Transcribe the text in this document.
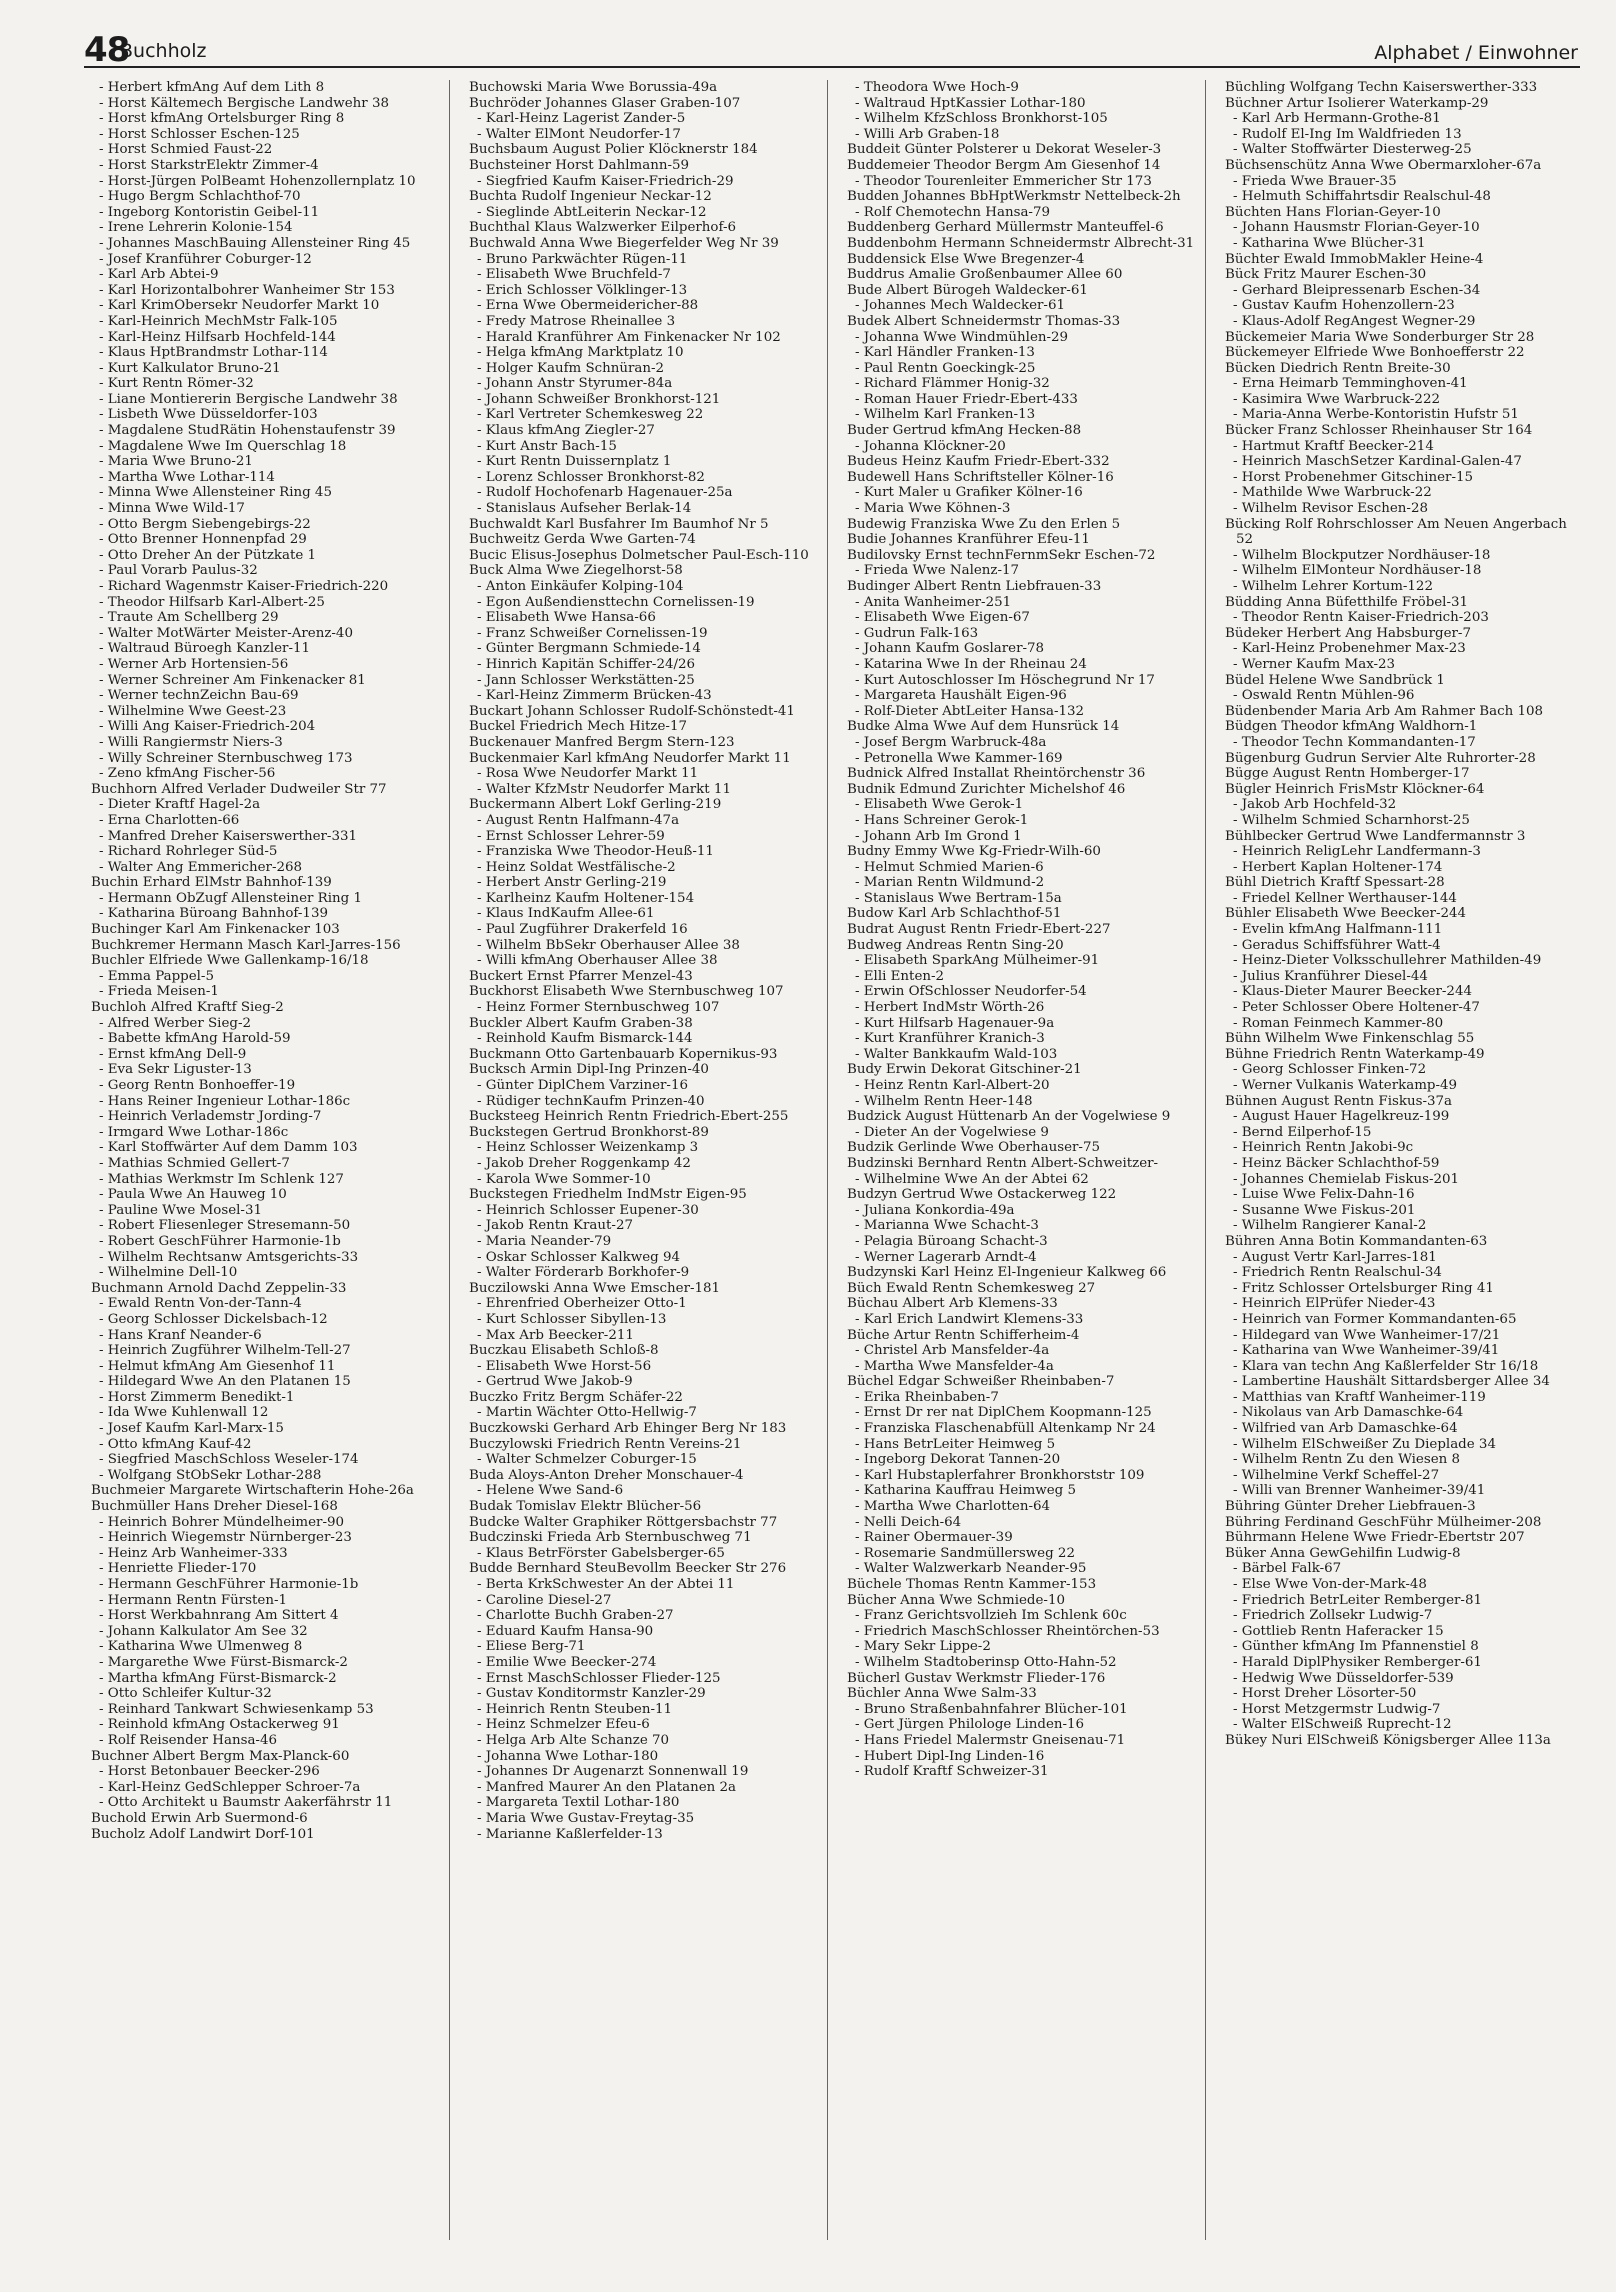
48
Buchholz	Alphabet / Einwohner

- Herbert kfmAng Auf dem Lith 8

- Horst Kältemech Bergische Landwehr 38

- Horst kfmAng Ortelsburger Ring 8

- Horst Schlosser Eschen-125

- Horst Schmied Faust-22

- Horst StarkstrElektr Zimmer-4

- Horst-Jürgen PolBeamt Hohenzollernplatz 10

- Hugo Bergm Schlachthof-70

- Ingeborg Kontoristin Geibel-11

- Irene Lehrerin Kolonie-154

- Johannes MaschBauing Allensteiner Ring 45

- Josef Kranführer Coburger-12

- Karl Arb Abtei-9

- Karl Horizontalbohrer Wanheimer Str 153

- Karl KrimObersekr Neudorfer Markt 10

- Karl-Heinrich MechMstr Falk-105

- Karl-Heinz Hilfsarb Hochfeld-144

- Klaus HptBrandmstr Lothar-114

- Kurt Kalkulator Bruno-21

- Kurt Rentn Römer-32

- Liane Montiererin Bergische Landwehr 38

- Lisbeth Wwe Düsseldorfer-103

- Magdalene StudRätin Hohenstaufenstr 39

- Magdalene Wwe Im Querschlag 18

- Maria Wwe Bruno-21

- Martha Wwe Lothar-114

- Minna Wwe Allensteiner Ring 45

- Minna Wwe Wild-17

- Otto Bergm Siebengebirgs-22

- Otto Brenner Honnenpfad 29

- Otto Dreher An der Pützkate 1

- Paul Vorarb Paulus-32

- Richard Wagenmstr Kaiser-Friedrich-220

- Theodor Hilfsarb Karl-Albert-25

- Traute Am Schellberg 29

- Walter MotWärter Meister-Arenz-40

- Waltraud Büroegh Kanzler-11

- Werner Arb Hortensien-56

- Werner Schreiner Am Finkenacker 81

- Werner technZeichn Bau-69

- Wilhelmine Wwe Geest-23

- Willi Ang Kaiser-Friedrich-204

- Willi Rangiermstr Niers-3

- Willy Schreiner Sternbuschweg 173

- Zeno kfmAng Fischer-56

Buchhorn Alfred Verlader Dudweiler Str 77

- Dieter Kraftf Hagel-2a

- Erna Charlotten-66

- Manfred Dreher Kaiserswerther-331

- Richard Rohrleger Süd-5

- Walter Ang Emmericher-268

Buchin Erhard ElMstr Bahnhof-139

- Hermann ObZugf Allensteiner Ring 1

- Katharina Büroang Bahnhof-139

Buchinger Karl Am Finkenacker 103

Buchkremer Hermann Masch Karl-Jarres-156

Buchler Elfriede Wwe Gallenkamp-16/18

- Emma Pappel-5

- Frieda Meisen-1

Buchloh Alfred Kraftf Sieg-2

- Alfred Werber Sieg-2

- Babette kfmAng Harold-59

- Ernst kfmAng Dell-9

- Eva Sekr Liguster-13

- Georg Rentn Bonhoeffer-19

- Hans Reiner Ingenieur Lothar-186c

- Heinrich Verlademstr Jording-7

- Irmgard Wwe Lothar-186c

- Karl Stoffwärter Auf dem Damm 103

- Mathias Schmied Gellert-7

- Mathias Werkmstr Im Schlenk 127

- Paula Wwe An Hauweg 10

- Pauline Wwe Mosel-31

- Robert Fliesenleger Stresemann-50

- Robert GeschFührer Harmonie-1b

- Wilhelm Rechtsanw Amtsgerichts-33

- Wilhelmine Dell-10

Buchmann Arnold Dachd Zeppelin-33

- Ewald Rentn Von-der-Tann-4

- Georg Schlosser Dickelsbach-12

- Hans Kranf Neander-6

- Heinrich Zugführer Wilhelm-Tell-27

- Helmut kfmAng Am Giesenhof 11

- Hildegard Wwe An den Platanen 15

- Horst Zimmerm Benedikt-1

- Ida Wwe Kuhlenwall 12

- Josef Kaufm Karl-Marx-15

- Otto kfmAng Kauf-42

- Siegfried MaschSchloss Weseler-174

- Wolfgang StObSekr Lothar-288

Buchmeier Margarete Wirtschafterin Hohe-26a

Buchmüller Hans Dreher Diesel-168

- Heinrich Bohrer Mündelheimer-90

- Heinrich Wiegemstr Nürnberger-23

- Heinz Arb Wanheimer-333

- Henriette Flieder-170

- Hermann GeschFührer Harmonie-1b

- Hermann Rentn Fürsten-1

- Horst Werkbahnrang Am Sittert 4

- Johann Kalkulator Am See 32

- Katharina Wwe Ulmenweg 8

- Margarethe Wwe Fürst-Bismarck-2

- Martha kfmAng Fürst-Bismarck-2

- Otto Schleifer Kultur-32

- Reinhard Tankwart Schwiesenkamp 53

- Reinhold kfmAng Ostackerweg 91

- Rolf Reisender Hansa-46

Buchner Albert Bergm Max-Planck-60

- Horst Betonbauer Beecker-296

- Karl-Heinz GedSchlepper Schroer-7a

- Otto Architekt u Baumstr Aakerfährstr 11

Buchold Erwin Arb Suermond-6

Bucholz Adolf Landwirt Dorf-101

Buchowski Maria Wwe Borussia-49a

Buchröder Johannes Glaser Graben-107

- Karl-Heinz Lagerist Zander-5

- Walter ElMont Neudorfer-17

Buchsbaum August Polier Klöcknerstr 184

Buchsteiner Horst Dahlmann-59

- Siegfried Kaufm Kaiser-Friedrich-29

Buchta Rudolf Ingenieur Neckar-12

- Sieglinde AbtLeiterin Neckar-12

Buchthal Klaus Walzwerker Eilperhof-6

Buchwald Anna Wwe Biegerfelder Weg Nr 39

- Bruno Parkwächter Rügen-11

- Elisabeth Wwe Bruchfeld-7

- Erich Schlosser Völklinger-13

- Erna Wwe Obermeidericher-88

- Fredy Matrose Rheinallee 3

- Harald Kranführer Am Finkenacker Nr 102

- Helga kfmAng Marktplatz 10

- Holger Kaufm Schnüran-2

- Johann Anstr Styrumer-84a

- Johann Schweißer Bronkhorst-121

- Karl Vertreter Schemkesweg 22

- Klaus kfmAng Ziegler-27

- Kurt Anstr Bach-15

- Kurt Rentn Duissernplatz 1

- Lorenz Schlosser Bronkhorst-82

- Rudolf Hochofenarb Hagenauer-25a

- Stanislaus Aufseher Berlak-14

Buchwaldt Karl Busfahrer Im Baumhof Nr 5

Buchweitz Gerda Wwe Garten-74

Bucic Elisus-Josephus Dolmetscher Paul-Esch-110

Buck Alma Wwe Ziegelhorst-58

- Anton Einkäufer Kolping-104

- Egon Außendiensttechn Cornelissen-19

- Elisabeth Wwe Hansa-66

- Franz Schweißer Cornelissen-19

- Günter Bergmann Schmiede-14

- Hinrich Kapitän Schiffer-24/26

- Jann Schlosser Werkstätten-25

- Karl-Heinz Zimmerm Brücken-43

Buckart Johann Schlosser Rudolf-Schönstedt-41

Buckel Friedrich Mech Hitze-17

Buckenauer Manfred Bergm Stern-123

Buckenmaier Karl kfmAng Neudorfer Markt 11

- Rosa Wwe Neudorfer Markt 11

- Walter KfzMstr Neudorfer Markt 11

Buckermann Albert Lokf Gerling-219

- August Rentn Halfmann-47a

- Ernst Schlosser Lehrer-59

- Franziska Wwe Theodor-Heuß-11

- Heinz Soldat Westfälische-2

- Herbert Anstr Gerling-219

- Karlheinz Kaufm Holtener-154

- Klaus IndKaufm Allee-61

- Paul Zugführer Drakerfeld 16

- Wilhelm BbSekr Oberhauser Allee 38

- Willi kfmAng Oberhauser Allee 38

Buckert Ernst Pfarrer Menzel-43

Buckhorst Elisabeth Wwe Sternbuschweg 107

- Heinz Former Sternbuschweg 107

Buckler Albert Kaufm Graben-38

- Reinhold Kaufm Bismarck-144

Buckmann Otto Gartenbauarb Kopernikus-93

Bucksch Armin Dipl-Ing Prinzen-40

- Günter DiplChem Varziner-16

- Rüdiger technKaufm Prinzen-40

Bucksteeg Heinrich Rentn Friedrich-Ebert-255

Buckstegen Gertrud Bronkhorst-89

- Heinz Schlosser Weizenkamp 3

- Jakob Dreher Roggenkamp 42

- Karola Wwe Sommer-10

Buckstegen Friedhelm IndMstr Eigen-95

- Heinrich Schlosser Eupener-30

- Jakob Rentn Kraut-27

- Maria Neander-79

- Oskar Schlosser Kalkweg 94

- Walter Förderarb Borkhofer-9

Buczilowski Anna Wwe Emscher-181

- Ehrenfried Oberheizer Otto-1

- Kurt Schlosser Sibyllen-13

- Max Arb Beecker-211

Buczkau Elisabeth Schloß-8

- Elisabeth Wwe Horst-56

- Gertrud Wwe Jakob-9

Buczko Fritz Bergm Schäfer-22

- Martin Wächter Otto-Hellwig-7

Buczkowski Gerhard Arb Ehinger Berg Nr 183

Buczylowski Friedrich Rentn Vereins-21

- Walter Schmelzer Coburger-15

Buda Aloys-Anton Dreher Monschauer-4

- Helene Wwe Sand-6

Budak Tomislav Elektr Blücher-56

Budcke Walter Graphiker Röttgersbachstr 77

Budczinski Frieda Arb Sternbuschweg 71

- Klaus BetrFörster Gabelsberger-65

Budde Bernhard SteuBevollm Beecker Str 276

- Berta KrkSchwester An der Abtei 11

- Caroline Diesel-27

- Charlotte Buchh Graben-27

- Eduard Kaufm Hansa-90

- Eliese Berg-71

- Emilie Wwe Beecker-274

- Ernst MaschSchlosser Flieder-125

- Gustav Konditormstr Kanzler-29

- Heinrich Rentn Steuben-11

- Heinz Schmelzer Efeu-6

- Helga Arb Alte Schanze 70

- Johanna Wwe Lothar-180

- Johannes Dr Augenarzt Sonnenwall 19

- Manfred Maurer An den Platanen 2a

- Margareta Textil Lothar-180

- Maria Wwe Gustav-Freytag-35

- Marianne Kaßlerfelder-13

- Theodora Wwe Hoch-9

- Waltraud HptKassier Lothar-180

- Wilhelm KfzSchloss Bronkhorst-105

- Willi Arb Graben-18

Buddeit Günter Polsterer u Dekorat Weseler-3

Buddemeier Theodor Bergm Am Giesenhof 14

- Theodor Tourenleiter Emmericher Str 173

Budden Johannes BbHptWerkmstr Nettelbeck-2h

- Rolf Chemotechn Hansa-79

Buddenberg Gerhard Müllermstr Manteuffel-6

Buddenbohm Hermann Schneidermstr Albrecht-31

Buddensick Else Wwe Bregenzer-4

Buddrus Amalie Großenbaumer Allee 60

Bude Albert Bürogeh Waldecker-61

- Johannes Mech Waldecker-61

Budek Albert Schneidermstr Thomas-33

- Johanna Wwe Windmühlen-29

- Karl Händler Franken-13

- Paul Rentn Goeckingk-25

- Richard Flämmer Honig-32

- Roman Hauer Friedr-Ebert-433

- Wilhelm Karl Franken-13

Buder Gertrud kfmAng Hecken-88

- Johanna Klöckner-20

Budeus Heinz Kaufm Friedr-Ebert-332

Budewell Hans Schriftsteller Kölner-16

- Kurt Maler u Grafiker Kölner-16

- Maria Wwe Köhnen-3

Budewig Franziska Wwe Zu den Erlen 5

Budie Johannes Kranführer Efeu-11

Budilovsky Ernst technFernmSekr Eschen-72

- Frieda Wwe Nalenz-17

Budinger Albert Rentn Liebfrauen-33

- Anita Wanheimer-251

- Elisabeth Wwe Eigen-67

- Gudrun Falk-163

- Johann Kaufm Goslarer-78

- Katarina Wwe In der Rheinau 24

- Kurt Autoschlosser Im Höschegrund Nr 17

- Margareta Haushält Eigen-96

- Rolf-Dieter AbtLeiter Hansa-132

Budke Alma Wwe Auf dem Hunsrück 14

- Josef Bergm Warbruck-48a

- Petronella Wwe Kammer-169

Budnick Alfred Installat Rheintörchenstr 36

Budnik Edmund Zurichter Michelshof 46

- Elisabeth Wwe Gerok-1

- Hans Schreiner Gerok-1

- Johann Arb Im Grond 1

Budny Emmy Wwe Kg-Friedr-Wilh-60

- Helmut Schmied Marien-6

- Marian Rentn Wildmund-2

- Stanislaus Wwe Bertram-15a

Budow Karl Arb Schlachthof-51

Budrat August Rentn Friedr-Ebert-227

Budweg Andreas Rentn Sing-20

- Elisabeth SparkAng Mülheimer-91

- Elli Enten-2

- Erwin OfSchlosser Neudorfer-54

- Herbert IndMstr Wörth-26

- Kurt Hilfsarb Hagenauer-9a

- Kurt Kranführer Kranich-3

- Walter Bankkaufm Wald-103

Budy Erwin Dekorat Gitschiner-21

- Heinz Rentn Karl-Albert-20

- Wilhelm Rentn Heer-148

Budzick August Hüttenarb An der Vogelwiese 9

- Dieter An der Vogelwiese 9

Budzik Gerlinde Wwe Oberhauser-75

Budzinski Bernhard Rentn Albert-Schweitzer-

- Wilhelmine Wwe An der Abtei 62

Budzyn Gertrud Wwe Ostackerweg 122

- Juliana Konkordia-49a

- Marianna Wwe Schacht-3

- Pelagia Büroang Schacht-3

- Werner Lagerarb Arndt-4

Budzynski Karl Heinz El-Ingenieur Kalkweg 66

Büch Ewald Rentn Schemkesweg 27

Büchau Albert Arb Klemens-33

- Karl Erich Landwirt Klemens-33

Büche Artur Rentn Schifferheim-4

- Christel Arb Mansfelder-4a

- Martha Wwe Mansfelder-4a

Büchel Edgar Schweißer Rheinbaben-7

- Erika Rheinbaben-7

- Ernst Dr rer nat DiplChem Koopmann-125

- Franziska Flaschenabfüll Altenkamp Nr 24

- Hans BetrLeiter Heimweg 5

- Ingeborg Dekorat Tannen-20

- Karl Hubstaplerfahrer Bronkhorststr 109

- Katharina Kauffrau Heimweg 5

- Martha Wwe Charlotten-64

- Nelli Deich-64

- Rainer Obermauer-39

- Rosemarie Sandmüllersweg 22

- Walter Walzwerkarb Neander-95

Büchele Thomas Rentn Kammer-153

Bücher Anna Wwe Schmiede-10

- Franz Gerichtsvollzieh Im Schlenk 60c

- Friedrich MaschSchlosser Rheintörchen-53

- Mary Sekr Lippe-2

- Wilhelm Stadtoberinsp Otto-Hahn-52

Bücherl Gustav Werkmstr Flieder-176

Büchler Anna Wwe Salm-33

- Bruno Straßenbahnfahrer Blücher-101

- Gert Jürgen Philologe Linden-16

- Hans Friedel Malermstr Gneisenau-71

- Hubert Dipl-Ing Linden-16

- Rudolf Kraftf Schweizer-31

Büchling Wolfgang Techn Kaiserswerther-333

Büchner Artur Isolierer Waterkamp-29

- Karl Arb Hermann-Grothe-81

- Rudolf El-Ing Im Waldfrieden 13

- Walter Stoffwärter Diesterweg-25

Büchsenschütz Anna Wwe Obermarxloher-67a

- Frieda Wwe Brauer-35

- Helmuth Schiffahrtsdir Realschul-48

Büchten Hans Florian-Geyer-10

- Johann Hausmstr Florian-Geyer-10

- Katharina Wwe Blücher-31

Büchter Ewald ImmobMakler Heine-4

Bück Fritz Maurer Eschen-30

- Gerhard Bleipressenarb Eschen-34

- Gustav Kaufm Hohenzollern-23

- Klaus-Adolf RegAngest Wegner-29

Bückemeier Maria Wwe Sonderburger Str 28

Bückemeyer Elfriede Wwe Bonhoefferstr 22

Bücken Diedrich Rentn Breite-30

- Erna Heimarb Temminghoven-41

- Kasimira Wwe Warbruck-222

- Maria-Anna Werbe-Kontoristin Hufstr 51

Bücker Franz Schlosser Rheinhauser Str 164

- Hartmut Kraftf Beecker-214

- Heinrich MaschSetzer Kardinal-Galen-47

- Horst Probenehmer Gitschiner-15

- Mathilde Wwe Warbruck-22

- Wilhelm Revisor Eschen-28

Bücking Rolf Rohrschlosser Am Neuen Angerbach 52

- Wilhelm Blockputzer Nordhäuser-18

- Wilhelm ElMonteur Nordhäuser-18

- Wilhelm Lehrer Kortum-122

Büdding Anna Büfetthilfe Fröbel-31

- Theodor Rentn Kaiser-Friedrich-203

Büdeker Herbert Ang Habsburger-7

- Karl-Heinz Probenehmer Max-23

- Werner Kaufm Max-23

Büdel Helene Wwe Sandbrück 1

- Oswald Rentn Mühlen-96

Büdenbender Maria Arb Am Rahmer Bach 108

Büdgen Theodor kfmAng Waldhorn-1

- Theodor Techn Kommandanten-17

Bügenburg Gudrun Servier Alte Ruhrorter-28

Bügge August Rentn Homberger-17

Bügler Heinrich FrisMstr Klöckner-64

- Jakob Arb Hochfeld-32

- Wilhelm Schmied Scharnhorst-25

Bühlbecker Gertrud Wwe Landfermannstr 3

- Heinrich ReligLehr Landfermann-3

- Herbert Kaplan Holtener-174

Bühl Dietrich Kraftf Spessart-28

- Friedel Kellner Werthauser-144

Bühler Elisabeth Wwe Beecker-244

- Evelin kfmAng Halfmann-111

- Geradus Schiffsführer Watt-4

- Heinz-Dieter Volksschullehrer Mathilden-49

- Julius Kranführer Diesel-44

- Klaus-Dieter Maurer Beecker-244

- Peter Schlosser Obere Holtener-47

- Roman Feinmech Kammer-80

Bühn Wilhelm Wwe Finkenschlag 55

Bühne Friedrich Rentn Waterkamp-49

- Georg Schlosser Finken-72

- Werner Vulkanis Waterkamp-49

Bühnen August Rentn Fiskus-37a

- August Hauer Hagelkreuz-199

- Bernd Eilperhof-15

- Heinrich Rentn Jakobi-9c

- Heinz Bäcker Schlachthof-59

- Johannes Chemielab Fiskus-201

- Luise Wwe Felix-Dahn-16

- Susanne Wwe Fiskus-201

- Wilhelm Rangierer Kanal-2

Bühren Anna Botin Kommandanten-63

- August Vertr Karl-Jarres-181

- Friedrich Rentn Realschul-34

- Fritz Schlosser Ortelsburger Ring 41

- Heinrich ElPrüfer Nieder-43

- Heinrich van Former Kommandanten-65

- Hildegard van Wwe Wanheimer-17/21

- Katharina van Wwe Wanheimer-39/41

- Klara van techn Ang Kaßlerfelder Str 16/18

- Lambertine Haushält Sittardsberger Allee 34

- Matthias van Kraftf Wanheimer-119

- Nikolaus van Arb Damaschke-64

- Wilfried van Arb Damaschke-64

- Wilhelm ElSchweißer Zu Dieplade 34

- Wilhelm Rentn Zu den Wiesen 8

- Wilhelmine Verkf Scheffel-27

- Willi van Brenner Wanheimer-39/41

Bühring Günter Dreher Liebfrauen-3

Bühring Ferdinand GeschFühr Mülheimer-208

Bührmann Helene Wwe Friedr-Ebertstr 207

Büker Anna GewGehilfin Ludwig-8

- Bärbel Falk-67

- Else Wwe Von-der-Mark-48

- Friedrich BetrLeiter Remberger-81

- Friedrich Zollsekr Ludwig-7

- Gottlieb Rentn Haferacker 15

- Günther kfmAng Im Pfannenstiel 8

- Harald DiplPhysiker Remberger-61

- Hedwig Wwe Düsseldorfer-539

- Horst Dreher Lösorter-50

- Horst Metzgermstr Ludwig-7

- Walter ElSchweiß Ruprecht-12

Bükey Nuri ElSchweiß Königsberger Allee 113a
